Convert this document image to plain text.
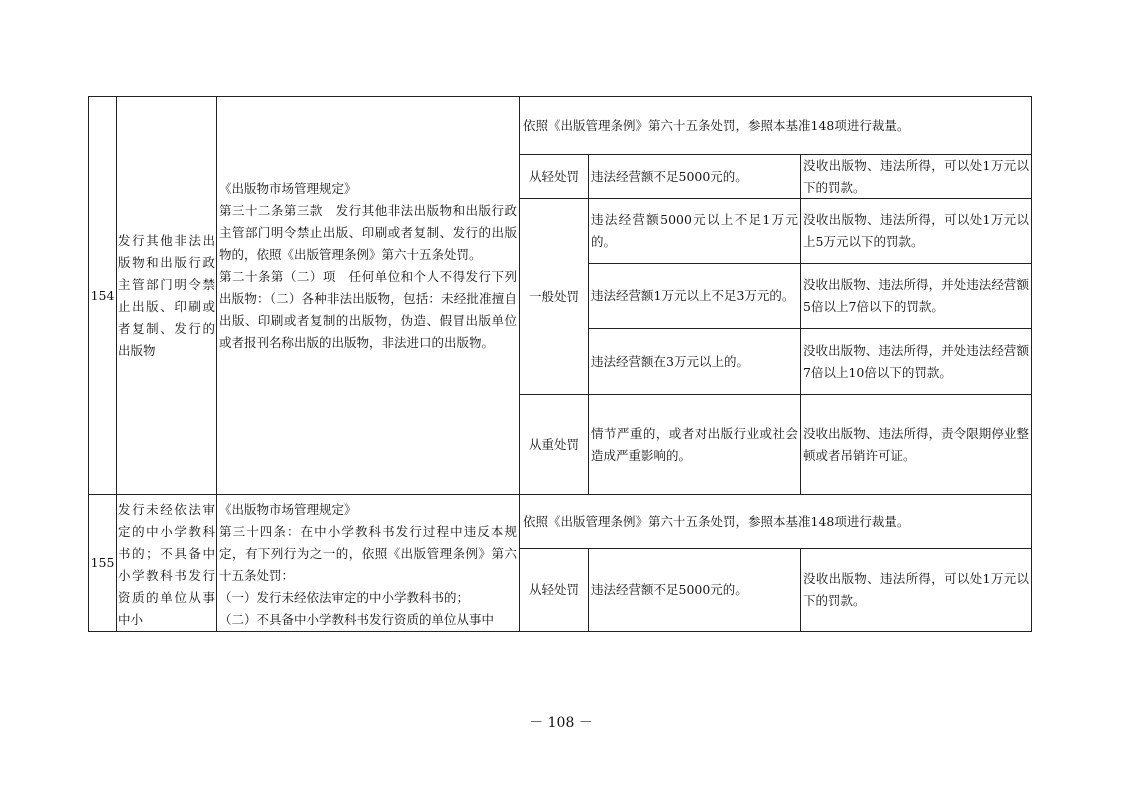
154
发行其他非法出版物和出版行政主管部门明令禁止出版、印刷或者复制、发行的出版物
《出版物市场管理规定》
第三十二条第三款　发行其他非法出版物和出版行政主管部门明令禁止出版、印刷或者复制、发行的出版物的，依照《出版管理条例》第六十五条处罚。
第二十条第（二）项　任何单位和个人不得发行下列出版物：（二）各种非法出版物，包括：未经批准擅自出版、印刷或者复制的出版物，伪造、假冒出版单位或者报刊名称出版的出版物，非法进口的出版物。
依照《出版管理条例》第六十五条处罚，参照本基准148项进行裁量。
从轻处罚 违法经营额不足5000元的。
没收出版物、违法所得，可以处1万元以下的罚款。
一般处罚
违法经营额5000元以上不足1万元的。
没收出版物、违法所得，可以处1万元以上5万元以下的罚款。
违法经营额1万元以上不足3万元的。
没收出版物、违法所得，并处违法经营额5倍以上7倍以下的罚款。
违法经营额在3万元以上的。
没收出版物、违法所得，并处违法经营额7倍以上10倍以下的罚款。
从重处罚
情节严重的，或者对出版行业或社会造成严重影响的。
没收出版物、违法所得，责令限期停业整顿或者吊销许可证。
155
发行未经依法审定的中小学教科书的；不具备中小学教科书发行资质的单位从事中小
《出版物市场管理规定》
第三十四条：在中小学教科书发行过程中违反本规定，有下列行为之一的，依照《出版管理条例》第六十五条处罚：
（一）发行未经依法审定的中小学教科书的；
（二）不具备中小学教科书发行资质的单位从事中
依照《出版管理条例》第六十五条处罚，参照本基准148项进行裁量。
从轻处罚 违法经营额不足5000元的。
没收出版物、违法所得，可以处1万元以下的罚款。
－ 108 －
